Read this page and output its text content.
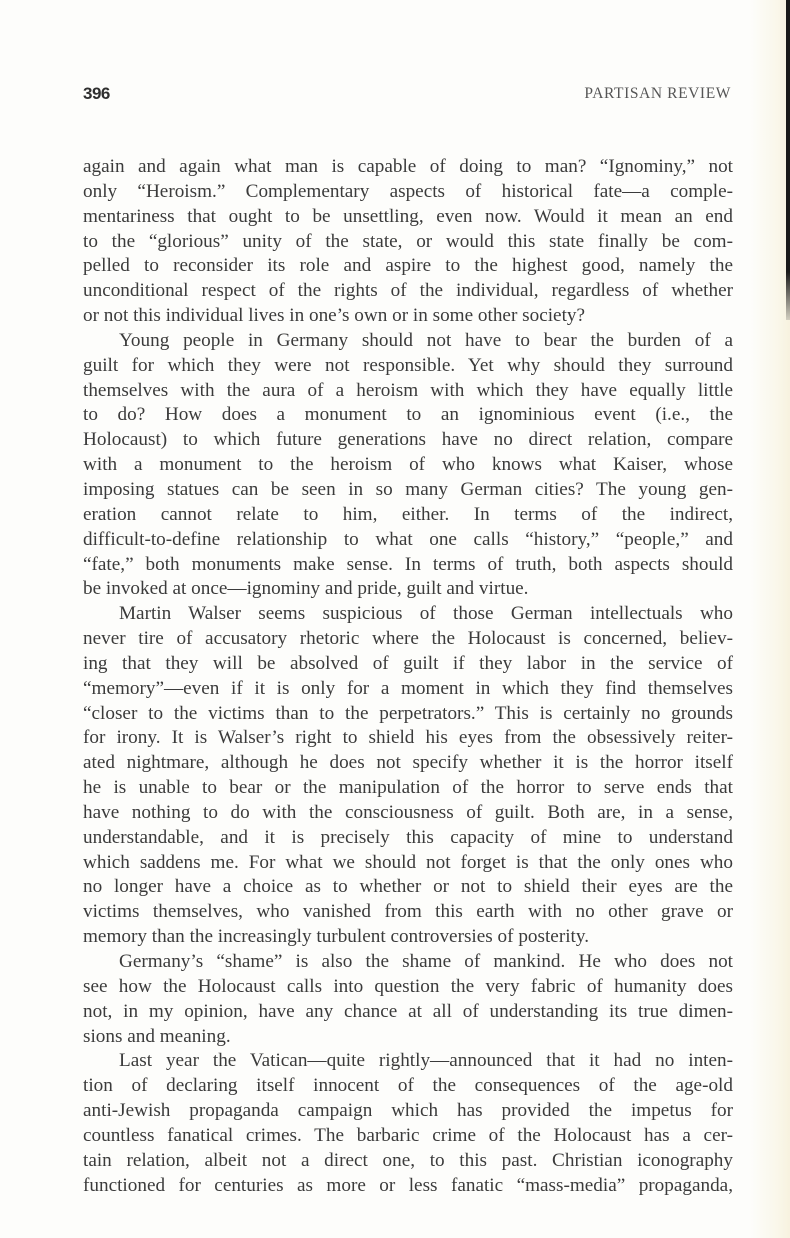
396	PARTISAN REVIEW

again and again what man is capable of doing to man? “Ignominy,” not
only “Heroism.” Complementary aspects of historical fate—a comple-
mentariness that ought to be unsettling, even now. Would it mean an end
to the “glorious” unity of the state, or would this state finally be com-
pelled to reconsider its role and aspire to the highest good, namely the
unconditional respect of the rights of the individual, regardless of whether
or not this individual lives in one’s own or in some other society?

Young people in Germany should not have to bear the burden of a
guilt for which they were not responsible. Yet why should they surround
themselves with the aura of a heroism with which they have equally little
to do? How does a monument to an ignominious event (i.e., the
Holocaust) to which future generations have no direct relation, compare
with a monument to the heroism of who knows what Kaiser, whose
imposing statues can be seen in so many German cities? The young gen-
eration cannot relate to him, either. In terms of the indirect,
difficult-to-define relationship to what one calls “history,” “people,” and
“fate,” both monuments make sense. In terms of truth, both aspects should
be invoked at once—ignominy and pride, guilt and virtue.

Martin Walser seems suspicious of those German intellectuals who
never tire of accusatory rhetoric where the Holocaust is concerned, believ-
ing that they will be absolved of guilt if they labor in the service of
“memory”—even if it is only for a moment in which they find themselves
“closer to the victims than to the perpetrators.” This is certainly no grounds
for irony. It is Walser’s right to shield his eyes from the obsessively reiter-
ated nightmare, although he does not specify whether it is the horror itself
he is unable to bear or the manipulation of the horror to serve ends that
have nothing to do with the consciousness of guilt. Both are, in a sense,
understandable, and it is precisely this capacity of mine to understand
which saddens me. For what we should not forget is that the only ones who
no longer have a choice as to whether or not to shield their eyes are the
victims themselves, who vanished from this earth with no other grave or
memory than the increasingly turbulent controversies of posterity.

Germany’s “shame” is also the shame of mankind. He who does not
see how the Holocaust calls into question the very fabric of humanity does
not, in my opinion, have any chance at all of understanding its true dimen-
sions and meaning.

Last year the Vatican—quite rightly—announced that it had no inten-
tion of declaring itself innocent of the consequences of the age-old
anti-Jewish propaganda campaign which has provided the impetus for
countless fanatical crimes. The barbaric crime of the Holocaust has a cer-
tain relation, albeit not a direct one, to this past. Christian iconography
functioned for centuries as more or less fanatic “mass-media” propaganda,
